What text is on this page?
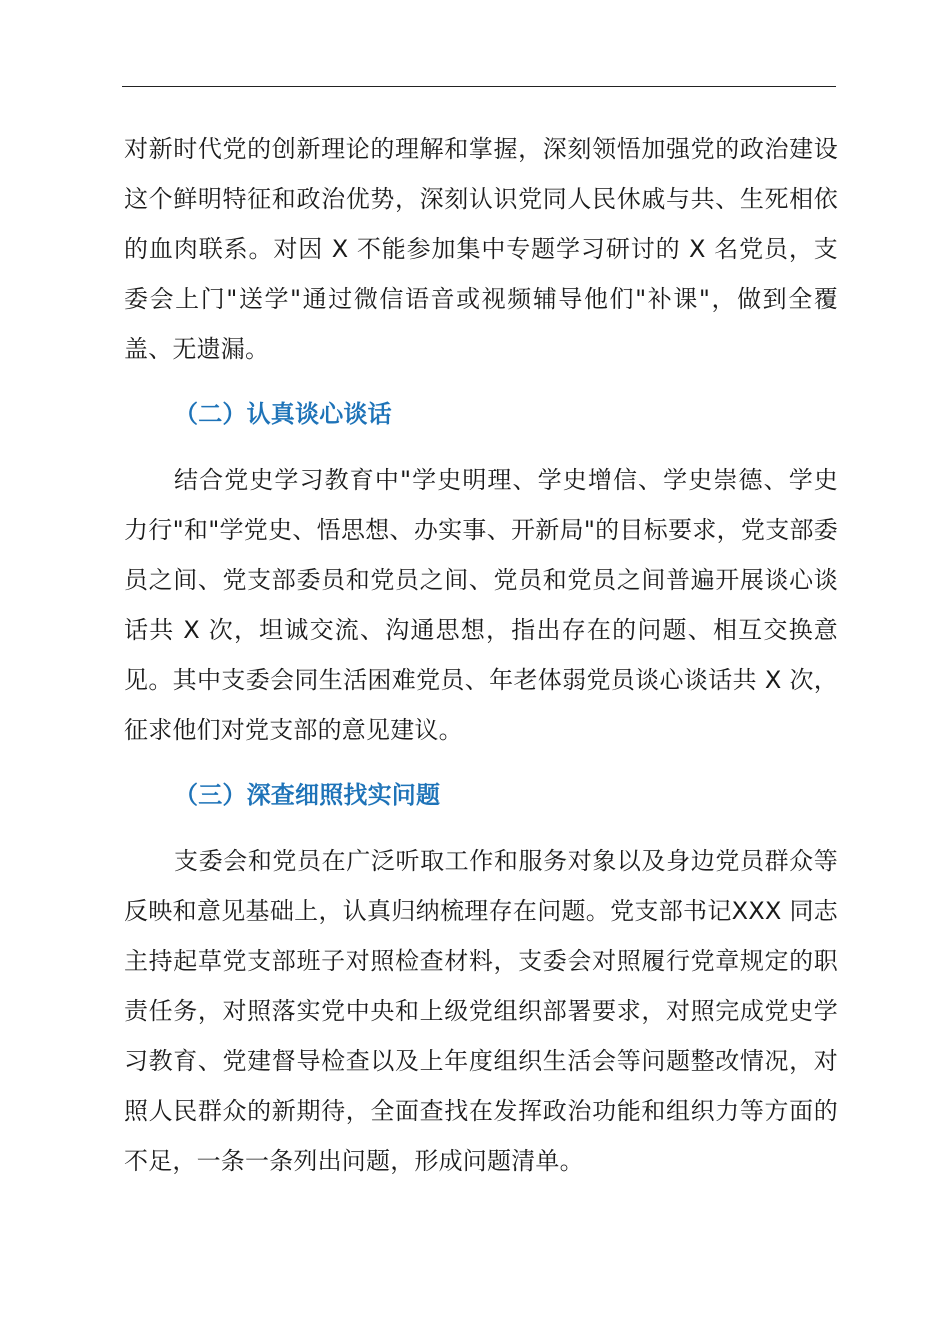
对新时代党的创新理论的理解和掌握，深刻领悟加强党的政治建设这个鲜明特征和政治优势，深刻认识党同人民休戚与共、生死相依的血肉联系。对因 X 不能参加集中专题学习研讨的 X 名党员，支委会上门"送学"通过微信语音或视频辅导他们"补课"，做到全覆盖、无遗漏。

（二）认真谈心谈话

结合党史学习教育中"学史明理、学史增信、学史崇德、学史力行"和"学党史、悟思想、办实事、开新局"的目标要求，党支部委员之间、党支部委员和党员之间、党员和党员之间普遍开展谈心谈话共 X 次，坦诚交流、沟通思想，指出存在的问题、相互交换意见。其中支委会同生活困难党员、年老体弱党员谈心谈话共 X 次，征求他们对党支部的意见建议。

（三）深查细照找实问题

支委会和党员在广泛听取工作和服务对象以及身边党员群众等反映和意见基础上，认真归纳梳理存在问题。党支部书记XXX 同志主持起草党支部班子对照检查材料，支委会对照履行党章规定的职责任务，对照落实党中央和上级党组织部署要求，对照完成党史学习教育、党建督导检查以及上年度组织生活会等问题整改情况，对照人民群众的新期待，全面查找在发挥政治功能和组织力等方面的不足，一条一条列出问题，形成问题清单。
